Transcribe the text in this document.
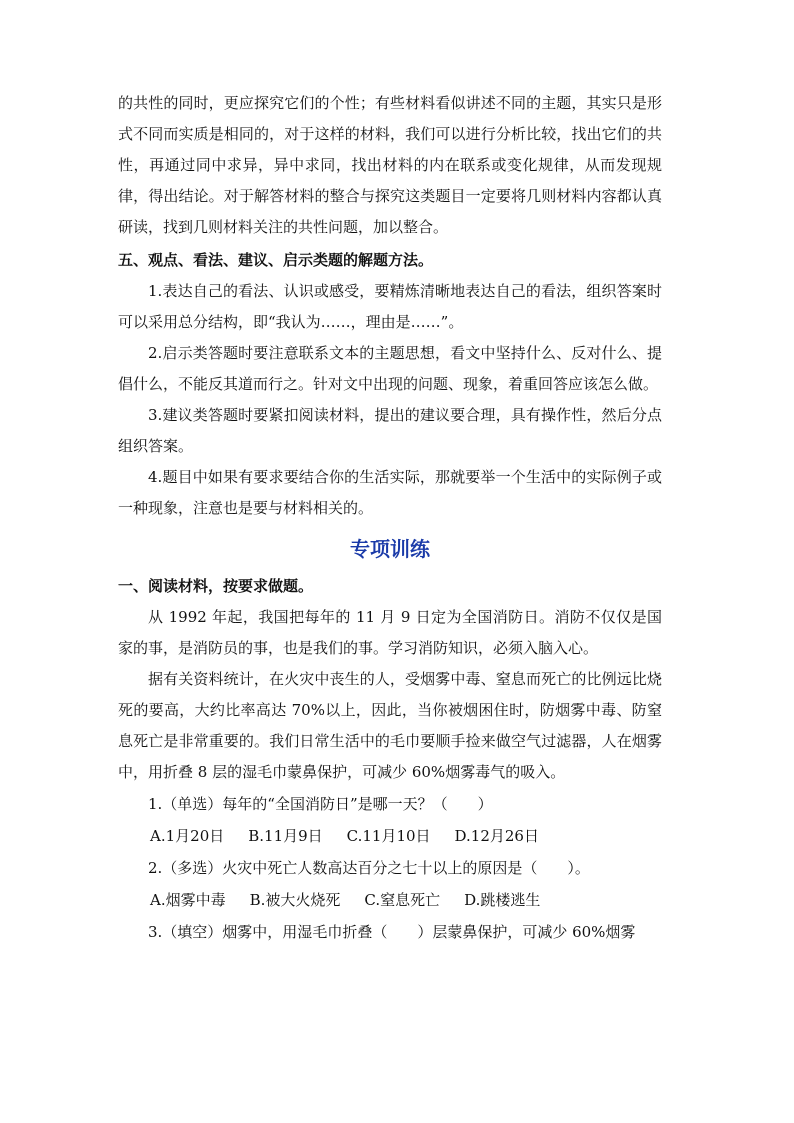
的共性的同时，更应探究它们的个性；有些材料看似讲述不同的主题，其实只是形式不同而实质是相同的，对于这样的材料，我们可以进行分析比较，找出它们的共性，再通过同中求异，异中求同，找出材料的内在联系或变化规律，从而发现规律，得出结论。对于解答材料的整合与探究这类题目一定要将几则材料内容都认真研读，找到几则材料关注的共性问题，加以整合。

五、观点、看法、建议、启示类题的解题方法。

1.表达自己的看法、认识或感受，要精炼清晰地表达自己的看法，组织答案时可以采用总分结构，即“我认为……，理由是……”。

2.启示类答题时要注意联系文本的主题思想，看文中坚持什么、反对什么、提倡什么，不能反其道而行之。针对文中出现的问题、现象，着重回答应该怎么做。

3.建议类答题时要紧扣阅读材料，提出的建议要合理，具有操作性，然后分点组织答案。

4.题目中如果有要求要结合你的生活实际，那就要举一个生活中的实际例子或一种现象，注意也是要与材料相关的。

专项训练
一、阅读材料，按要求做题。

从 1992 年起，我国把每年的 11 月 9 日定为全国消防日。消防不仅仅是国家的事，是消防员的事，也是我们的事。学习消防知识，必须入脑入心。

据有关资料统计，在火灾中丧生的人，受烟雾中毒、窒息而死亡的比例远比烧死的要高，大约比率高达 70%以上，因此，当你被烟困住时，防烟雾中毒、防窒息死亡是非常重要的。我们日常生活中的毛巾要顺手捡来做空气过滤器，人在烟雾中，用折叠 8 层的湿毛巾蒙鼻保护，可减少 60%烟雾毒气的吸入。

1.（单选）每年的“全国消防日”是哪一天？（　　）
A.1月20日 B.11月9日 C.11月10日 D.12月26日
2.（多选）火灾中死亡人数高达百分之七十以上的原因是（　　）。
A.烟雾中毒 B.被大火烧死 C.窒息死亡 D.跳楼逃生
3.（填空）烟雾中，用湿毛巾折叠（　　）层蒙鼻保护，可减少 60%烟雾
